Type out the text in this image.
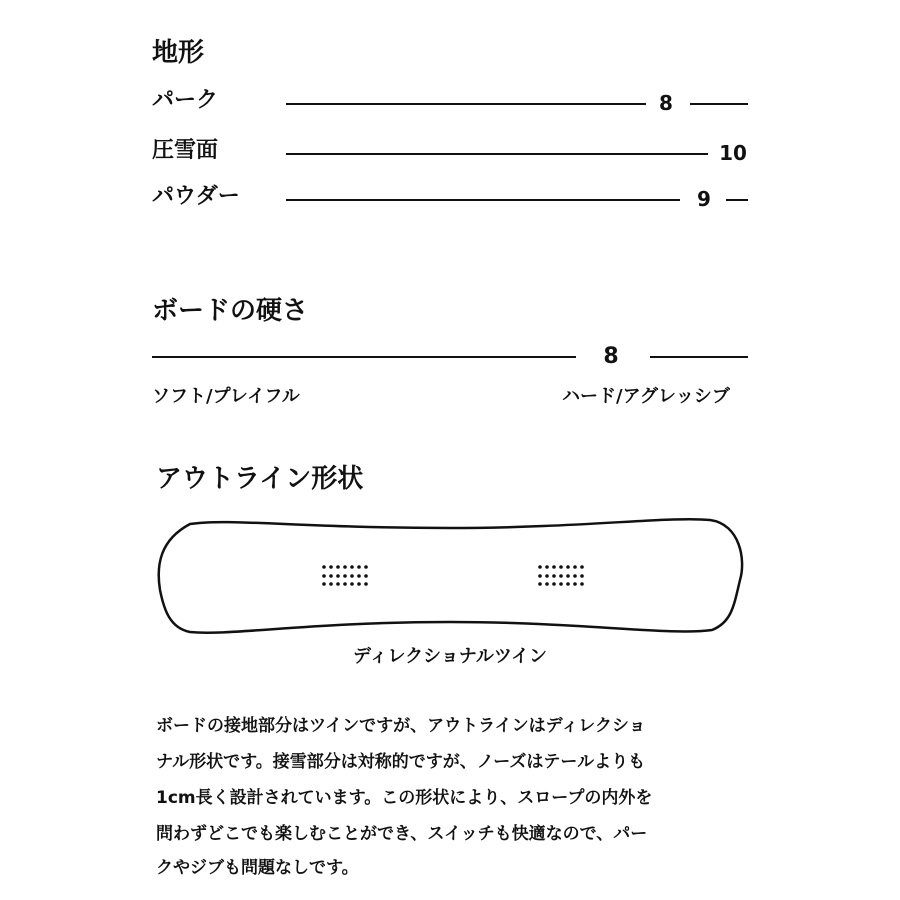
地形
パーク	8
圧雪面	10
パウダー	9
ボードの硬さ
8
ソフト/プレイフル	ハード/アグレッシブ
アウトライン形状
ディレクショナルツイン
ボードの接地部分はツインですが、アウトラインはディレクショ
ナル形状です。接雪部分は対称的ですが、ノーズはテールよりも
1cm長く設計されています。この形状により、スロープの内外を
問わずどこでも楽しむことができ、スイッチも快適なので、パー
クやジブも問題なしです。
